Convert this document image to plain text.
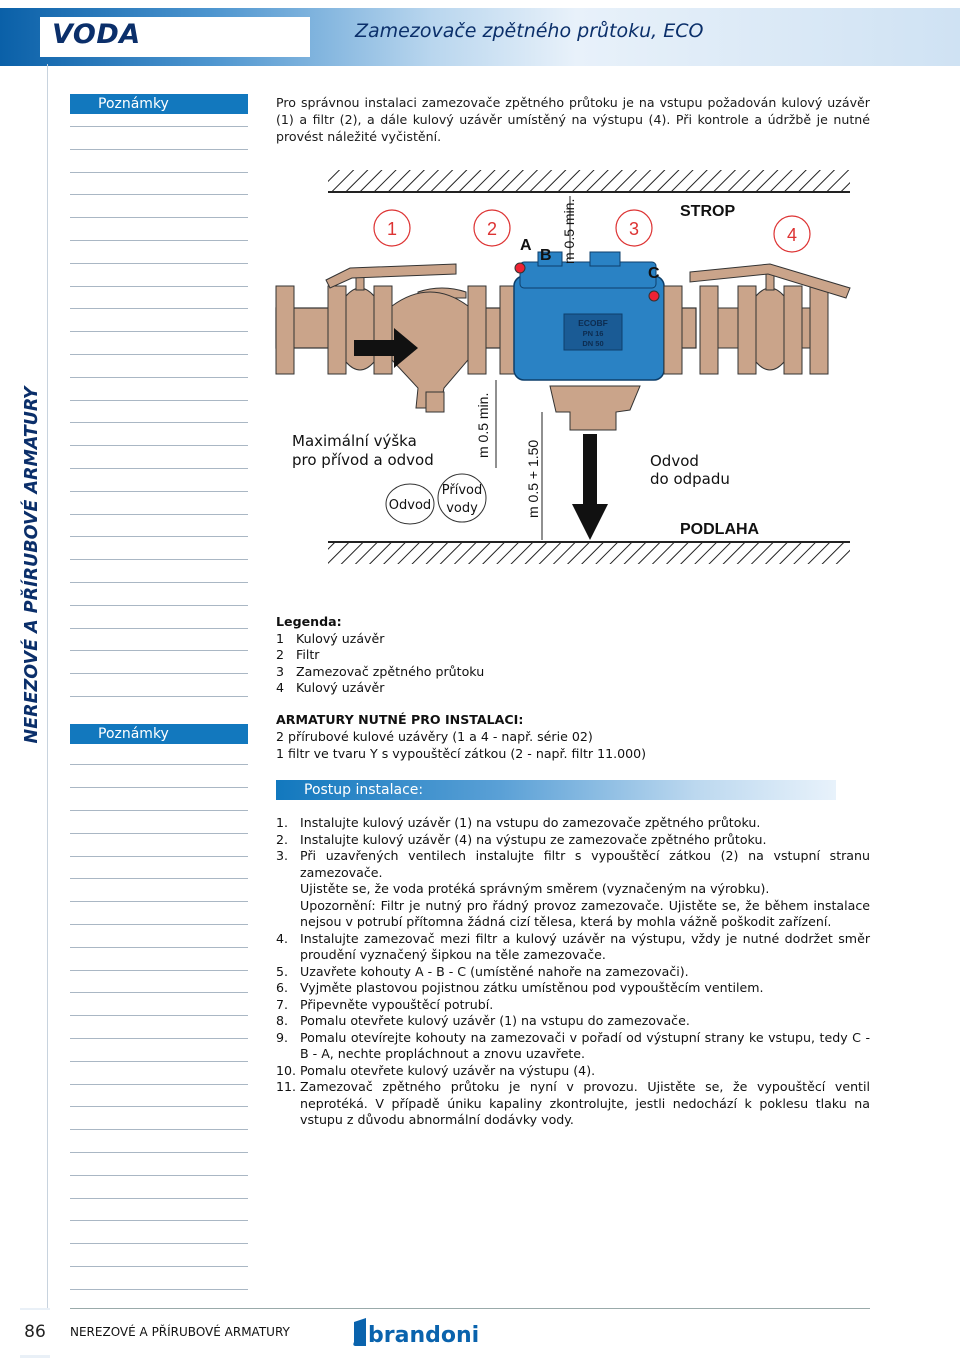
VODA	Zamezovače zpětného průtoku, ECO
NEREZOVÉ A PŘÍRUBOVÉ ARMATURY
Poznámky
Poznámky
Pro správnou instalaci zamezovače zpětného průtoku je na vstupu požadován kulový uzávěr (1) a filtr (2), a dále kulový uzávěr umístěný na výstupu (4). Při kontrole a údržbě je nutné provést náležité vyčistění.
ECOBF
PN 16
DN 50
1	2	3	4
A
B
C
STROP
PODLAHA
m 0.5 min.
m 0.5 min.
m 0.5 + 1.50
Maximální výška
pro přívod a odvod
Odvod
Přívod
vody
Odvod
do odpadu
Legenda:
1   Kulový uzávěr
2   Filtr
3   Zamezovač zpětného průtoku
4   Kulový uzávěr
ARMATURY NUTNÉ PRO INSTALACI:
2 přírubové kulové uzávěry (1 a 4 - např. série 02)
1 filtr ve tvaru Y s vypouštěcí zátkou (2 - např. filtr 11.000)
Postup instalace:
1. Instalujte kulový uzávěr (1) na vstupu do zamezovače zpětného průtoku.
2. Instalujte kulový uzávěr (4) na výstupu ze zamezovače zpětného průtoku.
3. Při uzavřených ventilech instalujte filtr s vypouštěcí zátkou (2) na vstupní stranu zamezovače.
Ujistěte se, že voda protéká správným směrem (vyznačeným na výrobku).
Upozornění: Filtr je nutný pro řádný provoz zamezovače. Ujistěte se, že během instalace nejsou v potrubí přítomna žádná cizí tělesa, která by mohla vážně poškodit zařízení.
4. Instalujte zamezovač mezi filtr a kulový uzávěr na výstupu, vždy je nutné dodržet směr proudění vyznačený šipkou na těle zamezovače.
5. Uzavřete kohouty A - B - C (umístěné nahoře na zamezovači).
6. Vyjměte plastovou pojistnou zátku umístěnou pod vypouštěcím ventilem.
7. Připevněte vypouštěcí potrubí.
8. Pomalu otevřete kulový uzávěr (1) na vstupu do zamezovače.
9. Pomalu otevírejte kohouty na zamezovači v pořadí od výstupní strany ke vstupu, tedy C - B - A, nechte propláchnout a znovu uzavřete.
10. Pomalu otevřete kulový uzávěr na výstupu (4).
11. Zamezovač zpětného průtoku je nyní v provozu. Ujistěte se, že vypouštěcí ventil neprotéká. V případě úniku kapaliny zkontrolujte, jestli nedochází k poklesu tlaku na vstupu z důvodu abnormální dodávky vody.
86	NEREZOVÉ A PŘÍRUBOVÉ ARMATURY	brandoni
